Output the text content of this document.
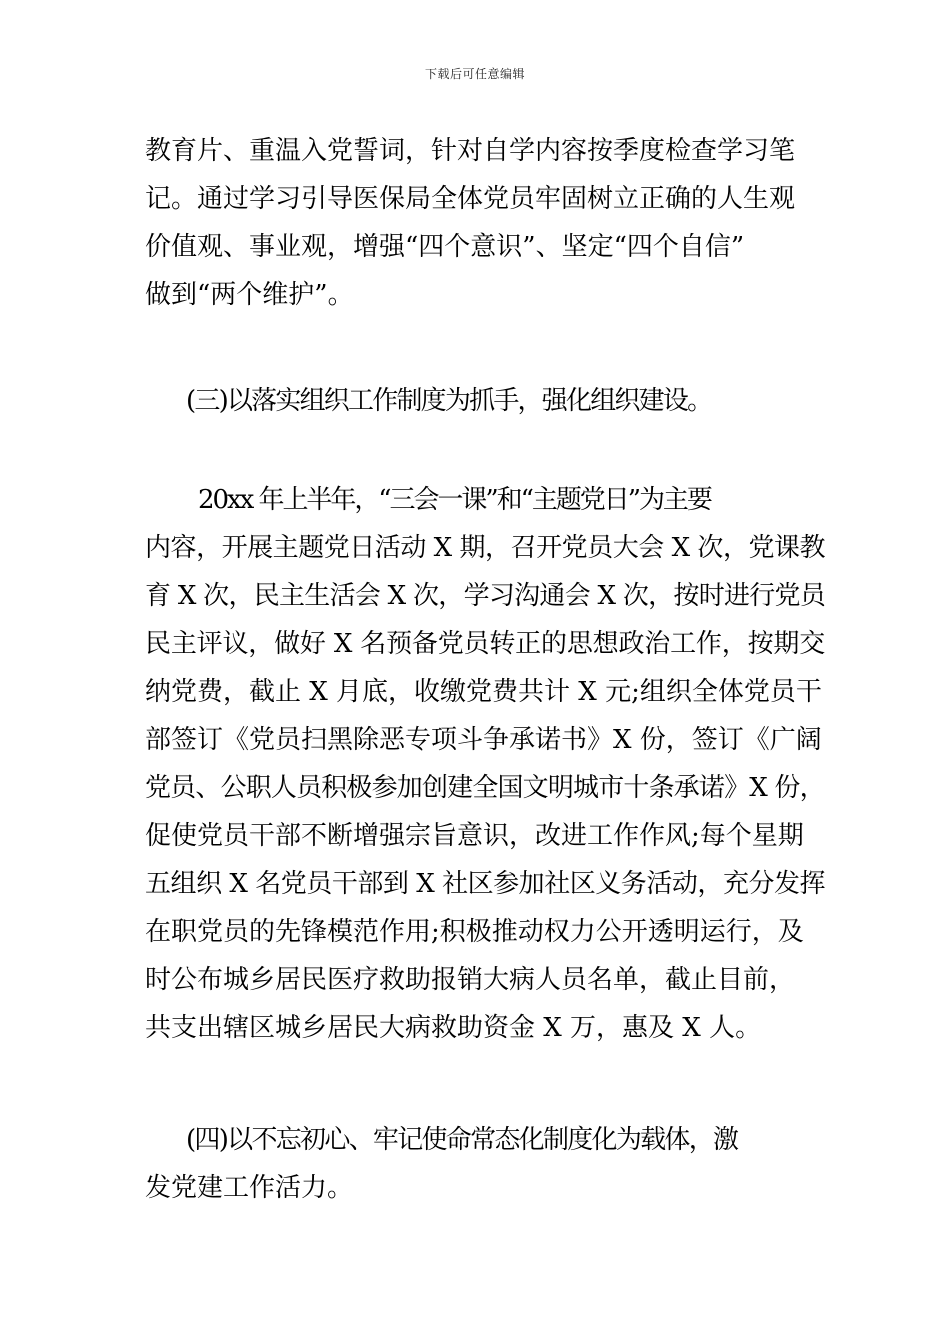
下载后可任意编辑
教育片、重温入党誓词，针对自学内容按季度检查学习笔
记。通过学习引导医保局全体党员牢固树立正确的人生观
价值观、事业观，增强“四个意识”、坚定“四个自信”
做到“两个维护”。
(三)以落实组织工作制度为抓手，强化组织建设。
20xx 年上半年，“三会一课”和“主题党日”为主要
内容，开展主题党日活动 X 期，召开党员大会 X 次，党课教
育 X 次，民主生活会 X 次，学习沟通会 X 次，按时进行党员
民主评议，做好 X 名预备党员转正的思想政治工作，按期交
纳党费，截止 X 月底，收缴党费共计 X 元;组织全体党员干
部签订《党员扫黑除恶专项斗争承诺书》X 份，签订《广阔
党员、公职人员积极参加创建全国文明城市十条承诺》X 份，
促使党员干部不断增强宗旨意识，改进工作作风;每个星期
五组织 X 名党员干部到 X 社区参加社区义务活动，充分发挥
在职党员的先锋模范作用;积极推动权力公开透明运行，及
时公布城乡居民医疗救助报销大病人员名单，截止目前，
共支出辖区城乡居民大病救助资金 X 万，惠及 X 人。
(四)以不忘初心、牢记使命常态化制度化为载体，激
发党建工作活力。
